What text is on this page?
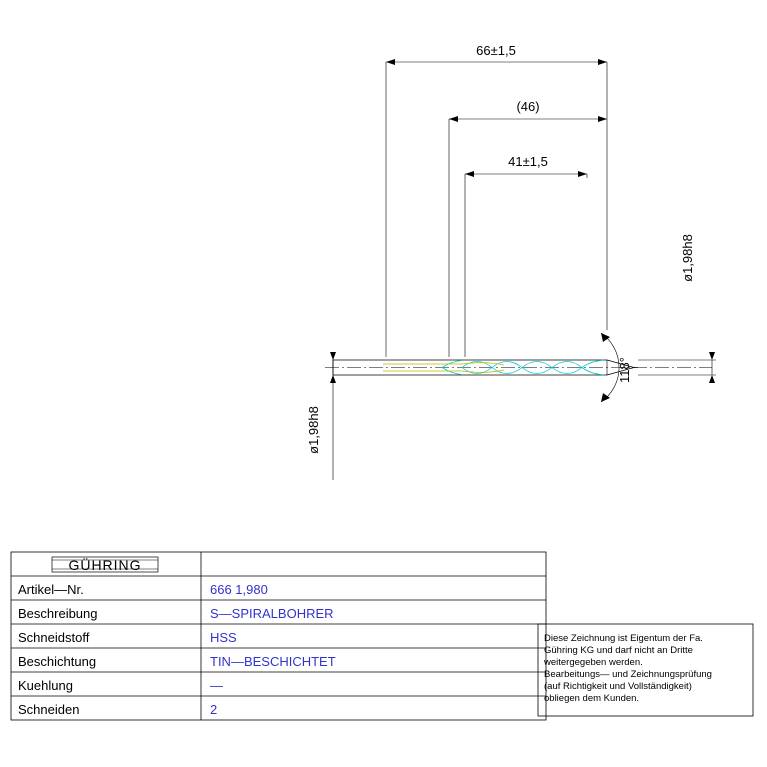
118°
66±1,5
(46)
41±1,5
ø1,98h8
ø1,98h8
GÜHRING
Artikel—Nr.	666 1,980
Beschreibung	S—SPIRALBOHRER
Schneidstoff	HSS
Beschichtung	TIN—BESCHICHTET
Kuehlung	—
Schneiden	2
Diese Zeichnung ist Eigentum der Fa.
Gühring KG und darf nicht an Dritte
weitergegeben werden.
Bearbeitungs— und Zeichnungsprüfung
(auf Richtigkeit und Vollständigkeit)
obliegen dem Kunden.
